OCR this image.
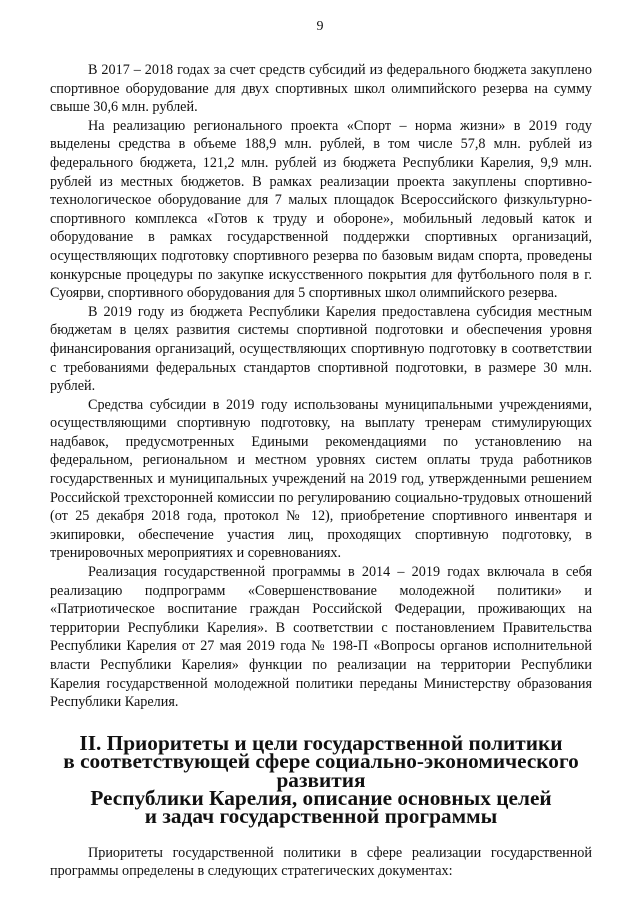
9

В 2017 – 2018 годах за счет средств субсидий из федерального бюджета закуплено спортивное оборудование для двух спортивных школ олимпийского резерва на сумму свыше 30,6 млн. рублей.

На реализацию регионального проекта «Спорт – норма жизни» в 2019 году выделены средства в объеме 188,9 млн. рублей, в том числе 57,8 млн. рублей из федерального бюджета, 121,2 млн. рублей из бюджета Республики Карелия, 9,9 млн. рублей из местных бюджетов. В рамках реализации проекта закуплены спортивно-технологическое оборудование для 7 малых площадок Всероссийского физкультурно-спортивного комплекса «Готов к труду и обороне», мобильный ледовый каток и оборудование в рамках государственной поддержки спортивных организаций, осуществляющих подготовку спортивного резерва по базовым видам спорта, проведены конкурсные процедуры по закупке искусственного покрытия для футбольного поля в г. Суоярви, спортивного оборудования для 5 спортивных школ олимпийского резерва.

В 2019 году из бюджета Республики Карелия предоставлена субсидия местным бюджетам в целях развития системы спортивной подготовки и обеспечения уровня финансирования организаций, осуществляющих спортивную подготовку в соответствии с требованиями федеральных стандартов спортивной подготовки, в размере 30 млн. рублей.

Средства субсидии в 2019 году использованы муниципальными учреждениями, осуществляющими спортивную подготовку, на выплату тренерам стимулирующих надбавок, предусмотренных Едиными рекомендациями по установлению на федеральном, региональном и местном уровнях систем оплаты труда работников государственных и муниципальных учреждений на 2019 год, утвержденными решением Российской трехсторонней комиссии по регулированию социально-трудовых отношений (от 25 декабря 2018 года, протокол № 12), приобретение спортивного инвентаря и экипировки, обеспечение участия лиц, проходящих спортивную подготовку, в тренировочных мероприятиях и соревнованиях.

Реализация государственной программы в 2014 – 2019 годах включала в себя реализацию подпрограмм «Совершенствование молодежной политики» и «Патриотическое воспитание граждан Российской Федерации, проживающих на территории Республики Карелия». В соответствии с постановлением Правительства Республики Карелия от 27 мая 2019 года № 198-П «Вопросы органов исполнительной власти Республики Карелия» функции по реализации на территории Республики Карелия государственной молодежной политики переданы Министерству образования Республики Карелия.

II. Приоритеты и цели государственной политики
в соответствующей сфере социально-экономического развития
Республики Карелия, описание основных целей
и задач государственной программы

Приоритеты государственной политики в сфере реализации государственной программы определены в следующих стратегических документах:
